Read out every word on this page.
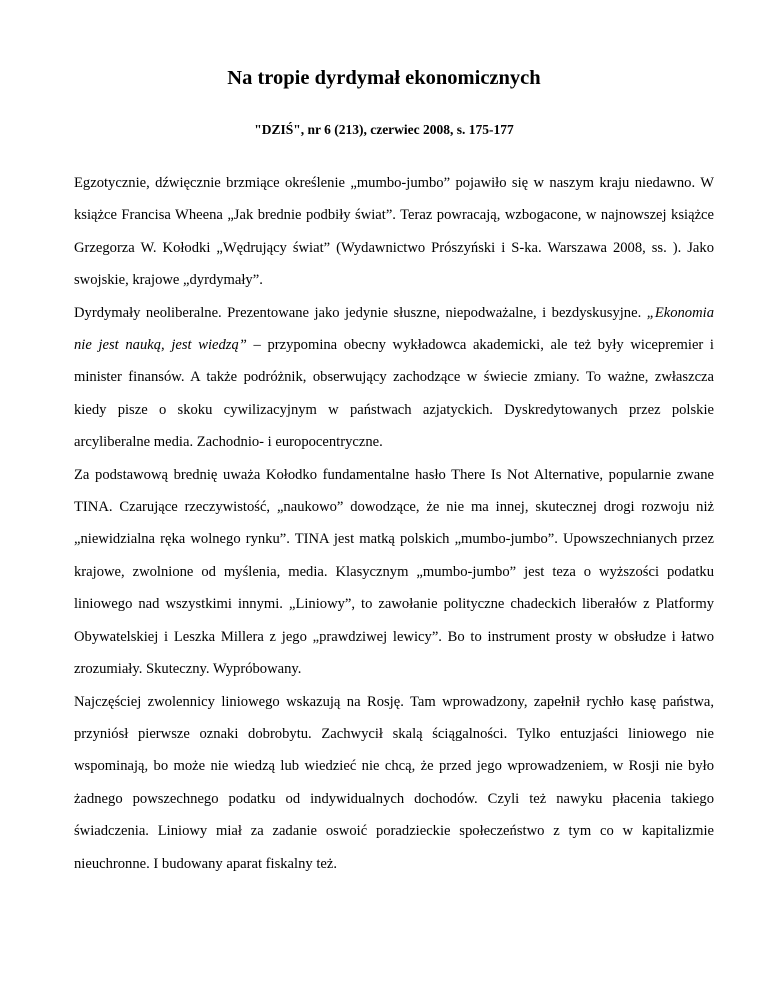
Na tropie dyrdymał ekonomicznych
"DZIŚ", nr 6 (213), czerwiec 2008, s. 175-177

Egzotycznie, dźwięcznie brzmiące określenie „mumbo-jumbo” pojawiło się w naszym kraju niedawno. W książce Francisa Wheena „Jak brednie podbiły świat”. Teraz powracają, wzbogacone, w najnowszej książce Grzegorza W. Kołodki „Wędrujący świat” (Wydawnictwo Prószyński i S-ka. Warszawa 2008, ss. ). Jako swojskie, krajowe „dyrdymały”.

Dyrdymały neoliberalne. Prezentowane jako jedynie słuszne, niepodważalne, i bezdyskusyjne. „Ekonomia nie jest nauką, jest wiedzą” – przypomina obecny wykładowca akademicki, ale też były wicepremier i minister finansów. A także podróżnik, obserwujący zachodzące w świecie zmiany. To ważne, zwłaszcza kiedy pisze o skoku cywilizacyjnym w państwach azjatyckich. Dyskredytowanych przez polskie arcyliberalne media. Zachodnio- i europocentryczne.

Za podstawową brednię uważa Kołodko fundamentalne hasło There Is Not Alternative, popularnie zwane TINA. Czarujące rzeczywistość, „naukowo” dowodzące, że nie ma innej, skutecznej drogi rozwoju niż „niewidzialna ręka wolnego rynku”. TINA jest matką polskich „mumbo-jumbo”. Upowszechnianych przez krajowe, zwolnione od myślenia, media. Klasycznym „mumbo-jumbo” jest teza o wyższości podatku liniowego nad wszystkimi innymi. „Liniowy”, to zawołanie polityczne chadeckich liberałów z Platformy Obywatelskiej i Leszka Millera z jego „prawdziwej lewicy”. Bo to instrument prosty w obsłudze i łatwo zrozumiały. Skuteczny. Wypróbowany.

Najczęściej zwolennicy liniowego wskazują na Rosję. Tam wprowadzony, zapełnił rychło kasę państwa, przyniósł pierwsze oznaki dobrobytu. Zachwycił skalą ściągalności. Tylko entuzjaści liniowego nie wspominają, bo może nie wiedzą lub wiedzieć nie chcą, że przed jego wprowadzeniem, w Rosji nie było żadnego powszechnego podatku od indywidualnych dochodów. Czyli też nawyku płacenia takiego świadczenia. Liniowy miał za zadanie oswoić poradzieckie społeczeństwo z tym co w kapitalizmie nieuchronne. I budowany aparat fiskalny też.
